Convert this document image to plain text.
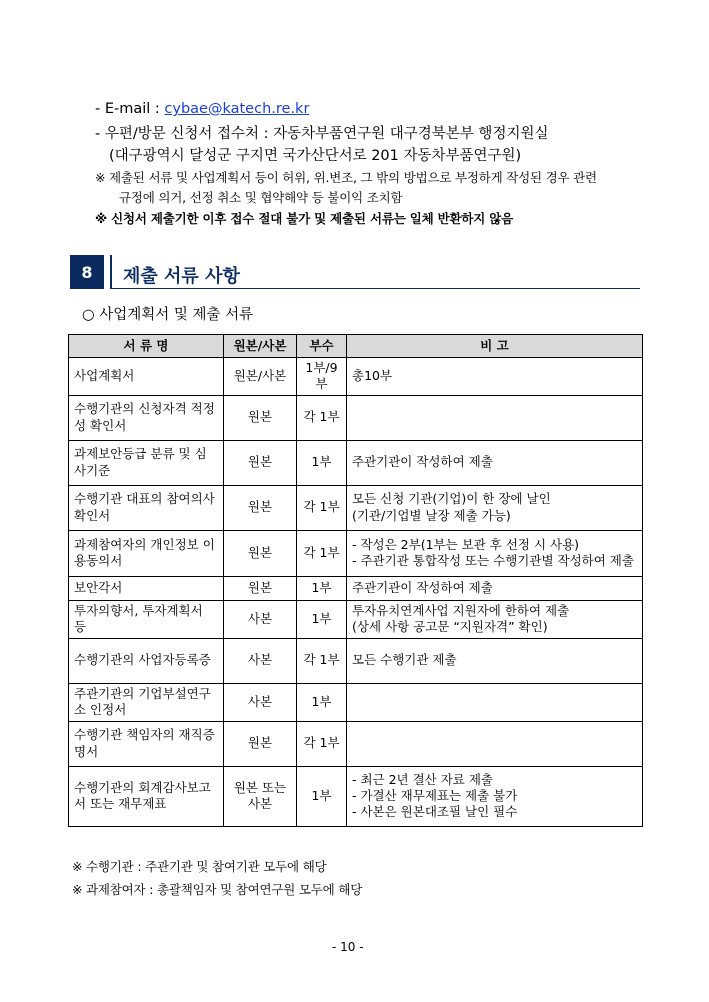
- E-mail : cybae@katech.re.kr
- 우편/방문 신청서 접수처 : 자동차부품연구원 대구경북본부 행정지원실
(대구광역시 달성군 구지면 국가산단서로 201 자동차부품연구원)
※ 제출된 서류 및 사업계획서 등이 허위, 위.변조, 그 밖의 방법으로 부정하게 작성된 경우 관련
규정에 의거, 선정 취소 및 협약해약 등 불이익 조치함
※ 신청서 제출기한 이후 접수 절대 불가 및 제출된 서류는 일체 반환하지 않음
8	제출 서류 사항
○ 사업계획서 및 제출 서류
서 류 명	원본/사본	부수	비 고
사업계획서	원본/사본	1부/9부	총10부

수행기관의 신청자격 적정성 확인서	원본	각 1부	
과제보안등급 분류 및 심사기준	원본	1부	주관기관이 작성하여 제출

수행기관 대표의 참여의사 확인서	원본	각 1부	모든 신청 기관(기업)이 한 장에 날인
(기관/기업별 날장 제출 가능)

과제참여자의 개인정보 이용동의서	원본	각 1부	- 작성은 2부(1부는 보관 후 선정 시 사용)
- 주관기관 통합작성 또는 수행기관별 작성하여 제출

보안각서	원본	1부	주관기관이 작성하여 제출

투자의향서, 투자계획서 등	사본	1부	투자유치연계사업 지원자에 한하여 제출
(상세 사항 공고문 “지원자격” 확인)

수행기관의 사업자등록증	사본	각 1부	모든 수행기관 제출

주관기관의 기업부설연구소 인정서	사본	1부	
수행기관 책임자의 재직증명서	원본	각 1부	
수행기관의 회계감사보고서 또는 재무제표	원본 또는 사본	1부	- 최근 2년 결산 자료 제출
- 가결산 재무제표는 제출 불가
- 사본은 원본대조필 날인 필수
※ 수행기관 : 주관기관 및 참여기관 모두에 해당
※ 과제참여자 : 총괄책임자 및 참여연구원 모두에 해당
- 10 -
